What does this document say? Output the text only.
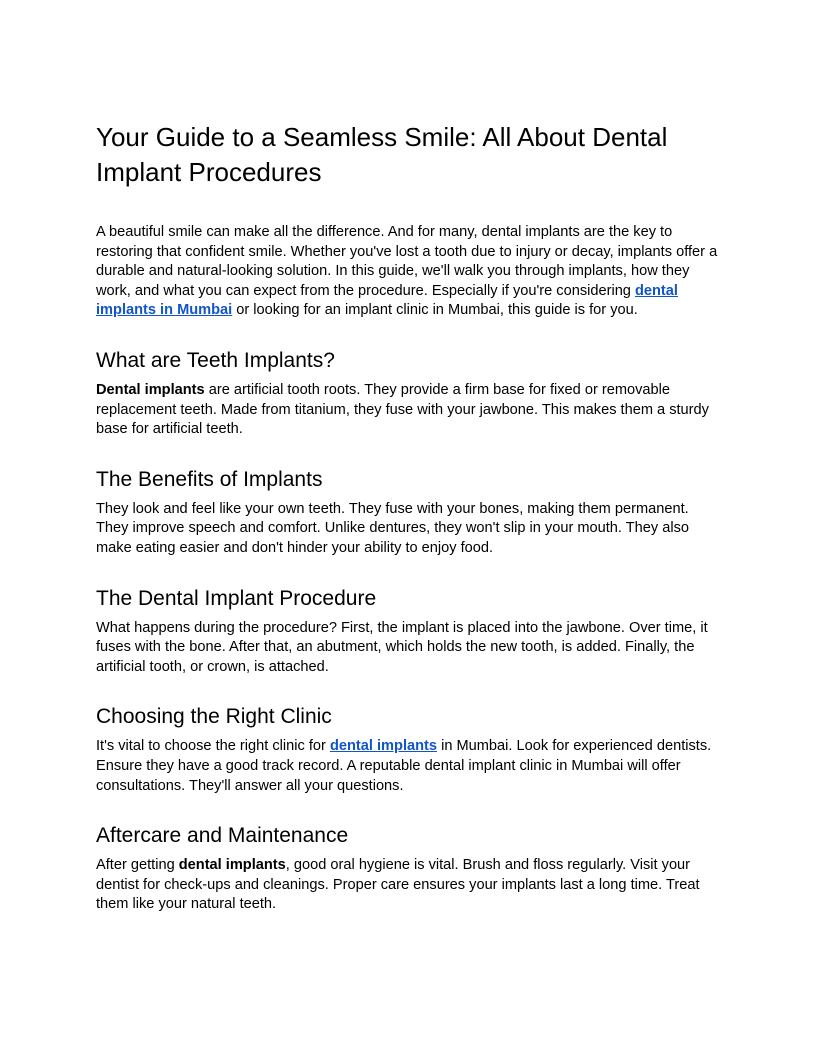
Your Guide to a Seamless Smile: All About Dental Implant Procedures

A beautiful smile can make all the difference. And for many, dental implants are the key to restoring that confident smile. Whether you've lost a tooth due to injury or decay, implants offer a durable and natural-looking solution. In this guide, we'll walk you through implants, how they work, and what you can expect from the procedure. Especially if you're considering dental implants in Mumbai or looking for an implant clinic in Mumbai, this guide is for you.

What are Teeth Implants?

Dental implants are artificial tooth roots. They provide a firm base for fixed or removable replacement teeth. Made from titanium, they fuse with your jawbone. This makes them a sturdy base for artificial teeth.

The Benefits of Implants

They look and feel like your own teeth. They fuse with your bones, making them permanent. They improve speech and comfort. Unlike dentures, they won't slip in your mouth. They also make eating easier and don't hinder your ability to enjoy food.

The Dental Implant Procedure

What happens during the procedure? First, the implant is placed into the jawbone. Over time, it fuses with the bone. After that, an abutment, which holds the new tooth, is added. Finally, the artificial tooth, or crown, is attached.

Choosing the Right Clinic

It's vital to choose the right clinic for dental implants in Mumbai. Look for experienced dentists. Ensure they have a good track record. A reputable dental implant clinic in Mumbai will offer consultations. They'll answer all your questions.

Aftercare and Maintenance

After getting dental implants, good oral hygiene is vital. Brush and floss regularly. Visit your dentist for check-ups and cleanings. Proper care ensures your implants last a long time. Treat them like your natural teeth.
